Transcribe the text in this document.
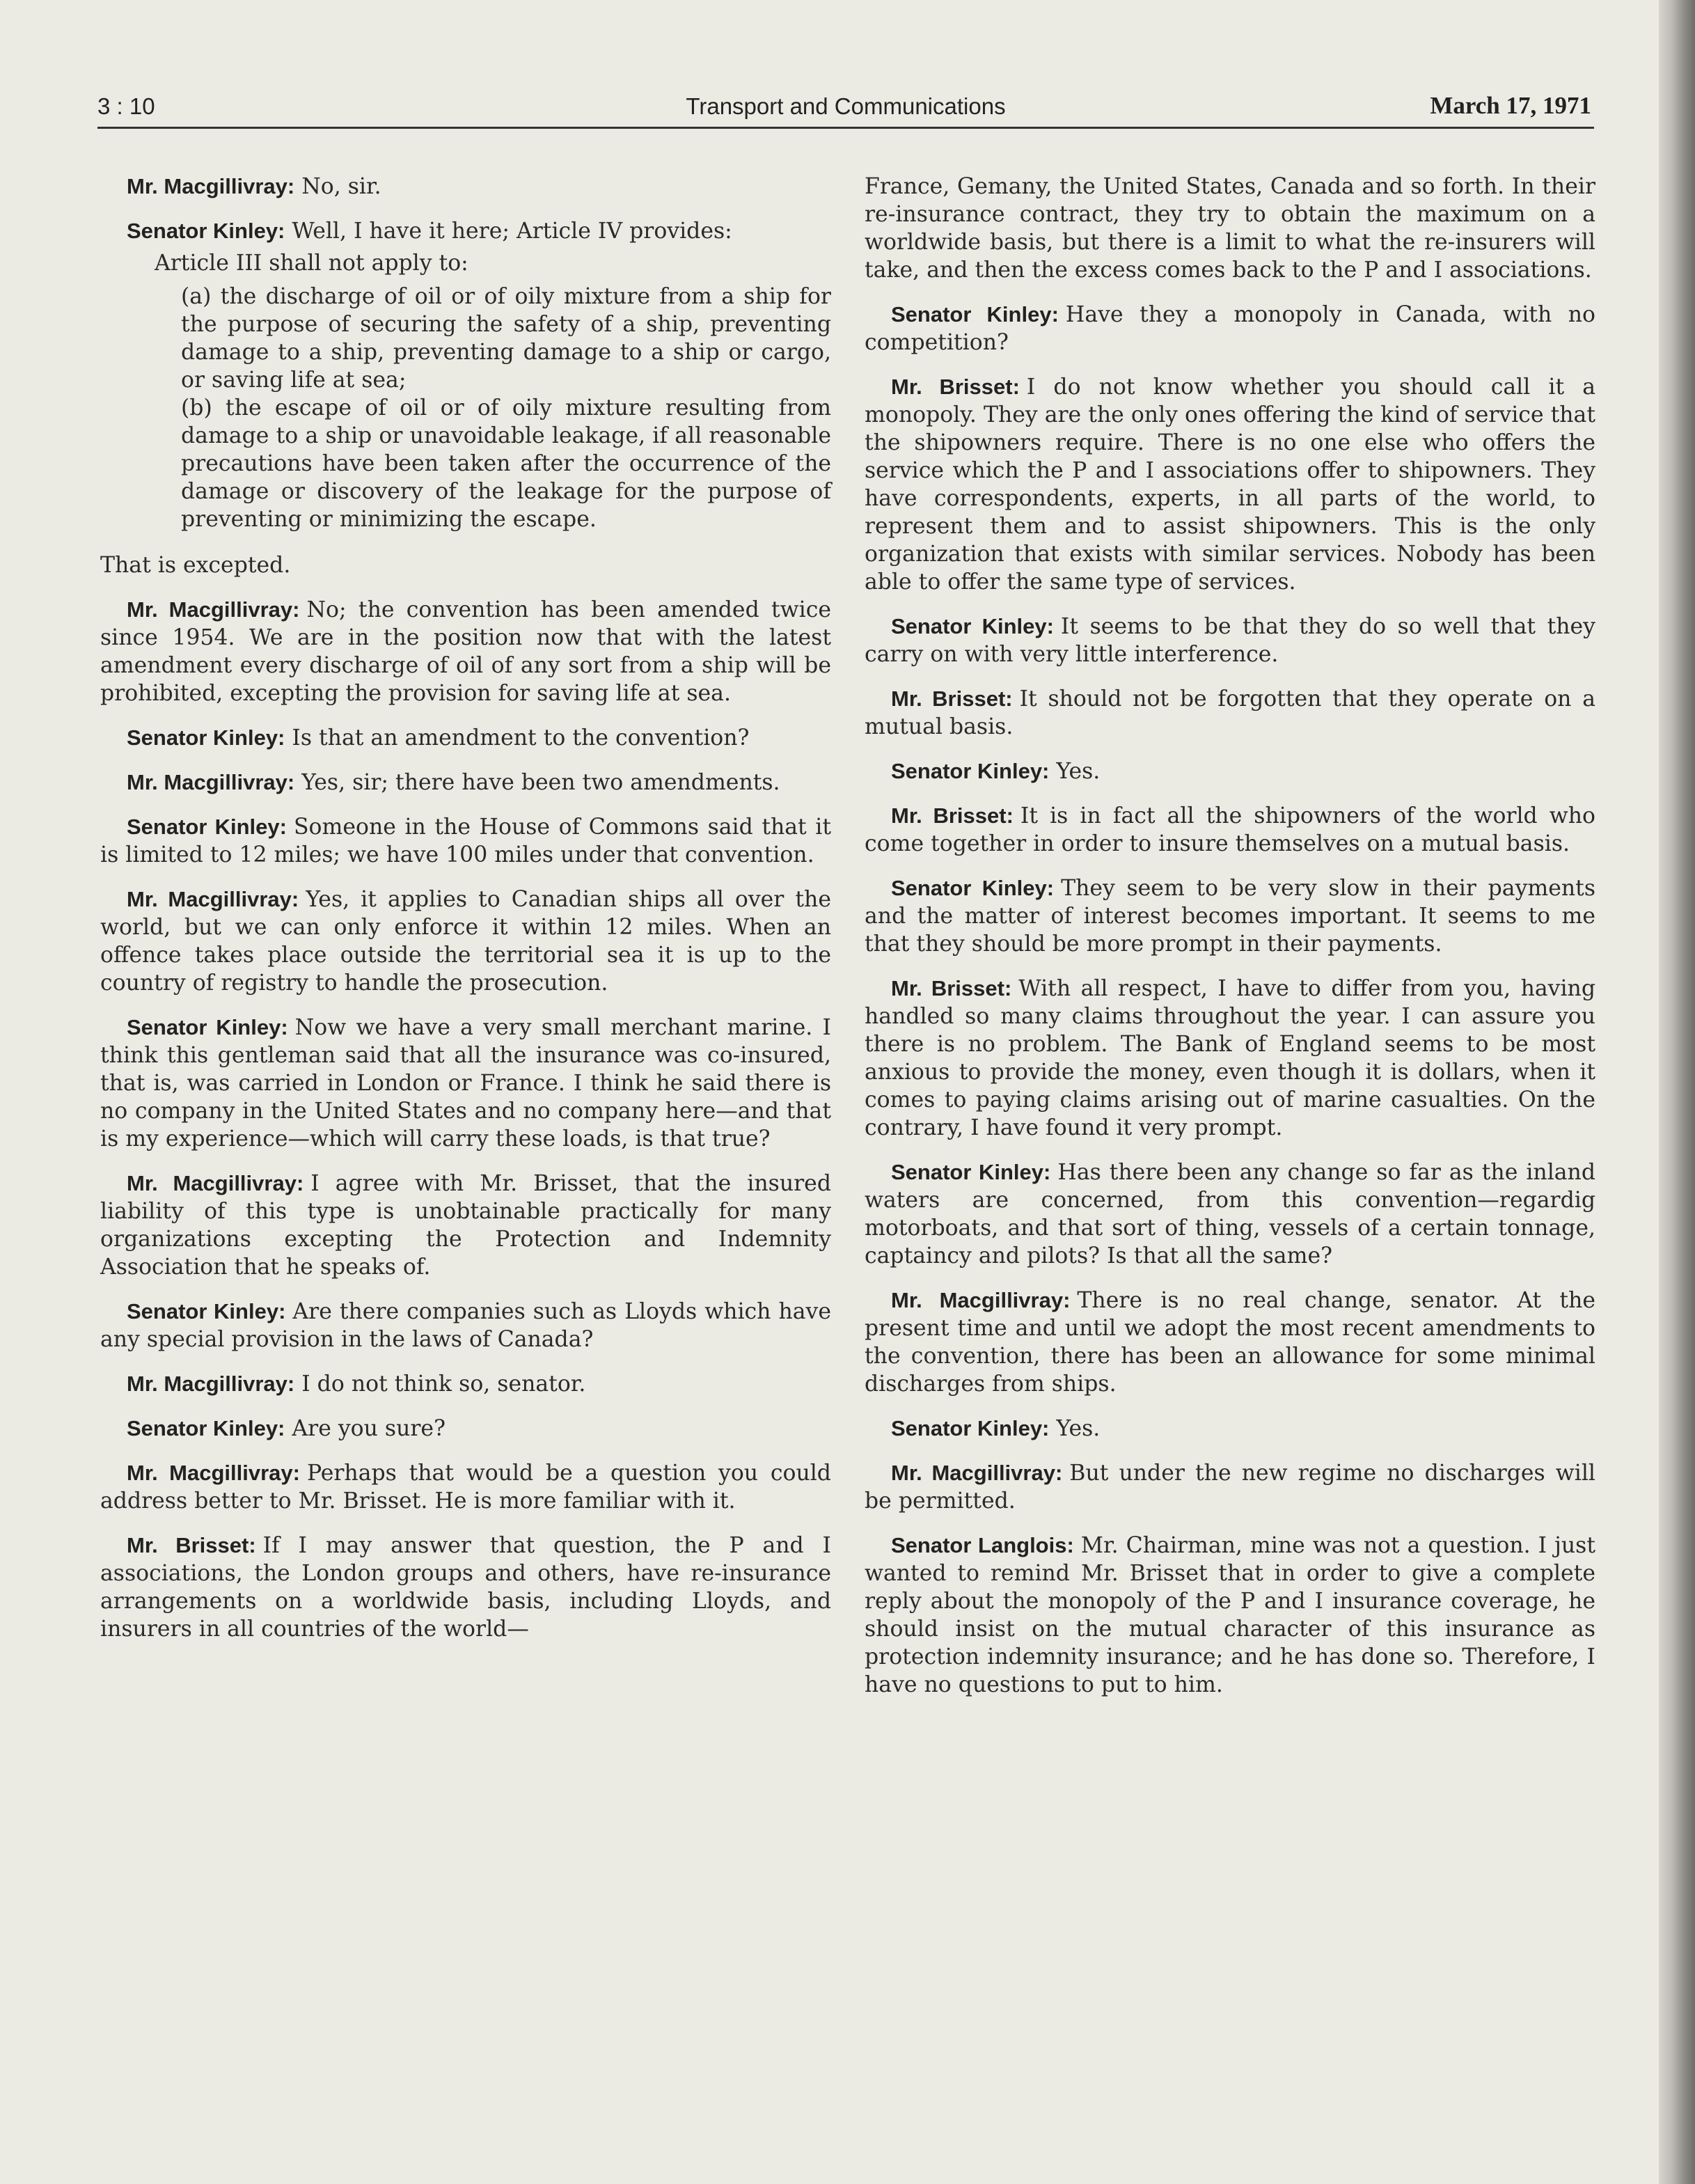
3 : 10	Transport and Communications	March 17, 1971

Mr. Macgillivray: No, sir.

Senator Kinley: Well, I have it here; Article IV provides:

Article III shall not apply to:
(a) the discharge of oil or of oily mixture from a ship for the purpose of securing the safety of a ship, preventing damage to a ship, preventing damage to a ship or cargo, or saving life at sea;
(b) the escape of oil or of oily mixture resulting from damage to a ship or unavoidable leakage, if all reasonable precautions have been taken after the occurrence of the damage or discovery of the leakage for the purpose of preventing or minimizing the escape.

That is excepted.

Mr. Macgillivray: No; the convention has been amended twice since 1954. We are in the position now that with the latest amendment every discharge of oil of any sort from a ship will be prohibited, excepting the provision for saving life at sea.

Senator Kinley: Is that an amendment to the convention?

Mr. Macgillivray: Yes, sir; there have been two amendments.

Senator Kinley: Someone in the House of Commons said that it is limited to 12 miles; we have 100 miles under that convention.

Mr. Macgillivray: Yes, it applies to Canadian ships all over the world, but we can only enforce it within 12 miles. When an offence takes place outside the territorial sea it is up to the country of registry to handle the prosecution.

Senator Kinley: Now we have a very small merchant marine. I think this gentleman said that all the insurance was co-insured, that is, was carried in London or France. I think he said there is no company in the United States and no company here—and that is my experience—which will carry these loads, is that true?

Mr. Macgillivray: I agree with Mr. Brisset, that the insured liability of this type is unobtainable practically for many organizations excepting the Protection and Indemnity Association that he speaks of.

Senator Kinley: Are there companies such as Lloyds which have any special provision in the laws of Canada?

Mr. Macgillivray: I do not think so, senator.

Senator Kinley: Are you sure?

Mr. Macgillivray: Perhaps that would be a question you could address better to Mr. Brisset. He is more familiar with it.

Mr. Brisset: If I may answer that question, the P and I associations, the London groups and others, have re-insurance arrangements on a worldwide basis, including Lloyds, and insurers in all countries of the world—

France, Gemany, the United States, Canada and so forth. In their re-insurance contract, they try to obtain the maximum on a worldwide basis, but there is a limit to what the re-insurers will take, and then the excess comes back to the P and I associations.

Senator Kinley: Have they a monopoly in Canada, with no competition?

Mr. Brisset: I do not know whether you should call it a monopoly. They are the only ones offering the kind of service that the shipowners require. There is no one else who offers the service which the P and I associations offer to shipowners. They have correspondents, experts, in all parts of the world, to represent them and to assist shipowners. This is the only organization that exists with similar services. Nobody has been able to offer the same type of services.

Senator Kinley: It seems to be that they do so well that they carry on with very little interference.

Mr. Brisset: It should not be forgotten that they operate on a mutual basis.

Senator Kinley: Yes.

Mr. Brisset: It is in fact all the shipowners of the world who come together in order to insure themselves on a mutual basis.

Senator Kinley: They seem to be very slow in their payments and the matter of interest becomes important. It seems to me that they should be more prompt in their payments.

Mr. Brisset: With all respect, I have to differ from you, having handled so many claims throughout the year. I can assure you there is no problem. The Bank of England seems to be most anxious to provide the money, even though it is dollars, when it comes to paying claims arising out of marine casualties. On the contrary, I have found it very prompt.

Senator Kinley: Has there been any change so far as the inland waters are concerned, from this convention—regardig motorboats, and that sort of thing, vessels of a certain tonnage, captaincy and pilots? Is that all the same?

Mr. Macgillivray: There is no real change, senator. At the present time and until we adopt the most recent amendments to the convention, there has been an allowance for some minimal discharges from ships.

Senator Kinley: Yes.

Mr. Macgillivray: But under the new regime no discharges will be permitted.

Senator Langlois: Mr. Chairman, mine was not a question. I just wanted to remind Mr. Brisset that in order to give a complete reply about the monopoly of the P and I insurance coverage, he should insist on the mutual character of this insurance as protection indemnity insurance; and he has done so. Therefore, I have no questions to put to him.
